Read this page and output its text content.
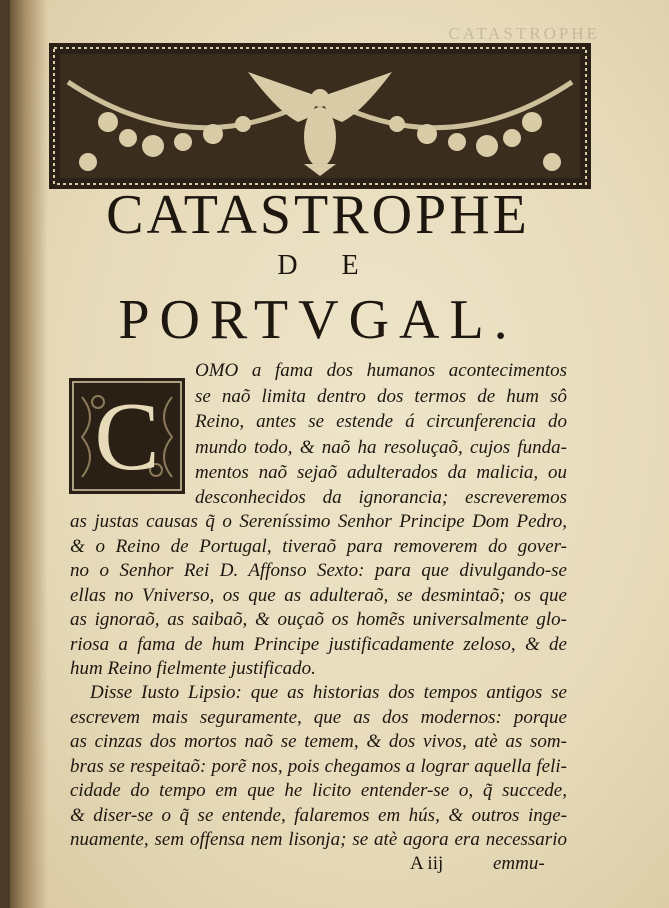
CATASTROPHE
CATASTROPHE
DE
PORTVGAL.
C
OMO a fama dos humanos acontecimentos
se naõ limita dentro dos termos de hum sô
Reino, antes se estende á circunferencia do
mundo todo, & naõ ha resoluçaõ, cujos funda-
mentos naõ sejaõ adulterados da malicia, ou
desconhecidos da ignorancia; escreveremos
as justas causas q̃ o Sereníssimo Senhor Principe Dom Pedro,
& o Reino de Portugal, tiveraõ para removerem do gover-
no o Senhor Rei D. Affonso Sexto: para que divulgando-se
ellas no Vniverso, os que as adulteraõ, se desmintaõ; os que
as ignoraõ, as saibaõ, & ouçaõ os homẽs universalmente glo-
riosa a fama de hum Principe justificadamente zeloso, & de
hum Reino fielmente justificado.
Disse Iusto Lipsio: que as historias dos tempos antigos se
escrevem mais seguramente, que as dos modernos: porque
as cinzas dos mortos naõ se temem, & dos vivos, atè as som-
bras se respeitaõ: porẽ nos, pois chegamos a lograr aquella feli-
cidade do tempo em que he licito entender-se o, q̃ succede,
& diser-se o q̃ se entende, falaremos em hús, & outros inge-
nuamente, sem offensa nem lisonja; se atè agora era necessario
A iij	emmu-
